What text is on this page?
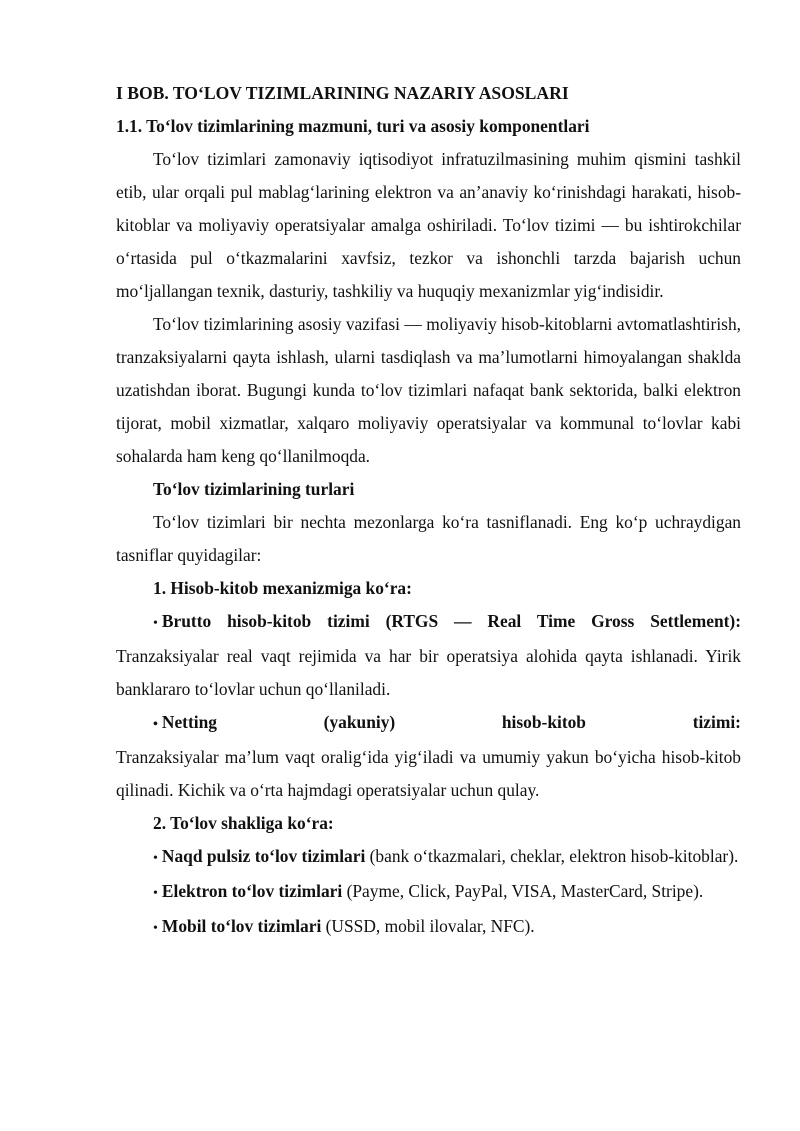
I BOB. TO‘LOV TIZIMLARINING NAZARIY ASOSLARI

1.1. To‘lov tizimlarining mazmuni, turi va asosiy komponentlari

To‘lov tizimlari zamonaviy iqtisodiyot infratuzilmasining muhim qismini tashkil etib, ular orqali pul mablag‘larining elektron va an’anaviy ko‘rinishdagi harakati, hisob-kitoblar va moliyaviy operatsiyalar amalga oshiriladi. To‘lov tizimi — bu ishtirokchilar o‘rtasida pul o‘tkazmalarini xavfsiz, tezkor va ishonchli tarzda bajarish uchun mo‘ljallangan texnik, dasturiy, tashkiliy va huquqiy mexanizmlar yig‘indisidir.

To‘lov tizimlarining asosiy vazifasi — moliyaviy hisob-kitoblarni avtomatlashtirish, tranzaksiyalarni qayta ishlash, ularni tasdiqlash va ma’lumotlarni himoyalangan shaklda uzatishdan iborat. Bugungi kunda to‘lov tizimlari nafaqat bank sektorida, balki elektron tijorat, mobil xizmatlar, xalqaro moliyaviy operatsiyalar va kommunal to‘lovlar kabi sohalarda ham keng qo‘llanilmoqda.

To‘lov tizimlarining turlari

To‘lov tizimlari bir nechta mezonlarga ko‘ra tasniflanadi. Eng ko‘p uchraydigan tasniflar quyidagilar:

1. Hisob-kitob mexanizmiga ko‘ra:

• Brutto hisob-kitob tizimi (RTGS — Real Time Gross Settlement): Tranzaksiyalar real vaqt rejimida va har bir operatsiya alohida qayta ishlanadi. Yirik banklararo to‘lovlar uchun qo‘llaniladi.

• Netting	(yakuniy)	hisob-kitob	tizimi:

Tranzaksiyalar ma’lum vaqt oralig‘ida yig‘iladi va umumiy yakun bo‘yicha hisob-kitob qilinadi. Kichik va o‘rta hajmdagi operatsiyalar uchun qulay.

2. To‘lov shakliga ko‘ra:

• Naqd pulsiz to‘lov tizimlari (bank o‘tkazmalari, cheklar, elektron hisob-kitoblar).

• Elektron to‘lov tizimlari (Payme, Click, PayPal, VISA, MasterCard, Stripe).

• Mobil to‘lov tizimlari (USSD, mobil ilovalar, NFC).
